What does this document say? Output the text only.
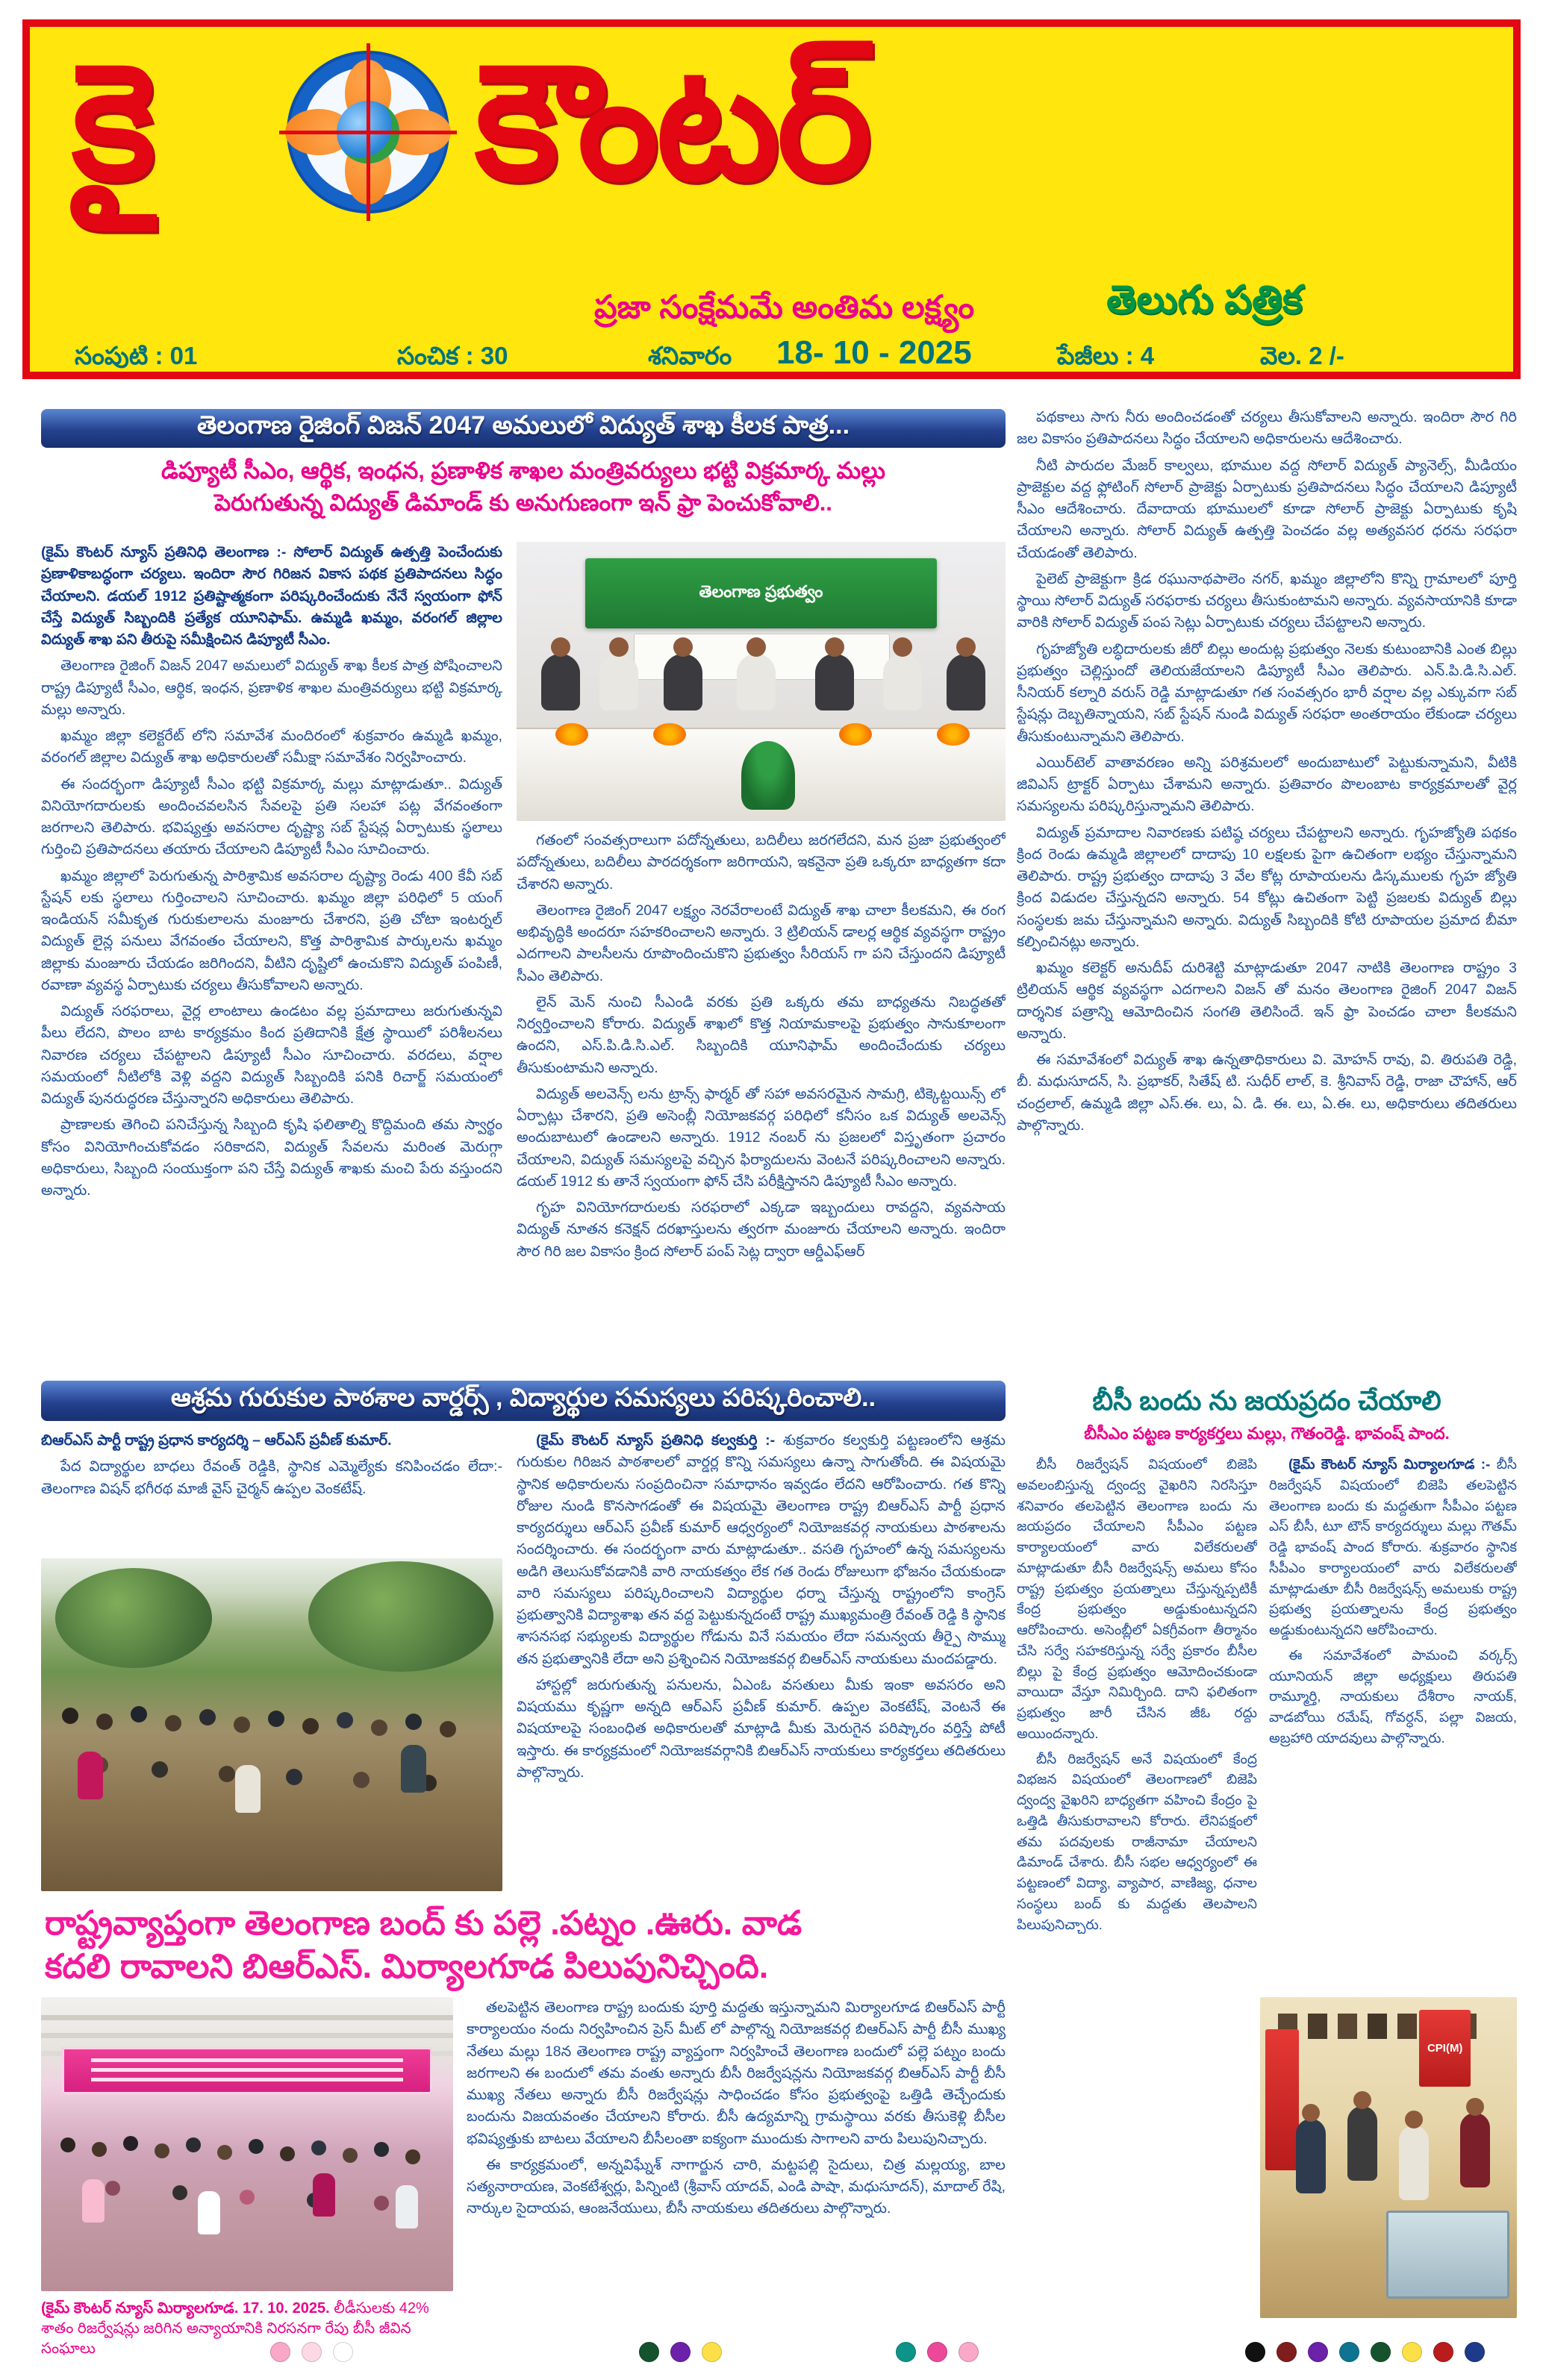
కై కౌంటర్
ప్రజా సంక్షేమమే అంతిమ లక్ష్యం	తెలుగు పత్రిక
సంపుటి : 01	సంచిక : 30	శనివారం 18- 10 - 2025	పేజీలు : 4	వెల. 2 /-
తెలంగాణ రైజింగ్ విజన్ 2047 అమలులో విద్యుత్ శాఖ కీలక పాత్ర...
డిప్యూటీ సీఎం, ఆర్థిక, ఇంధన, ప్రణాళిక శాఖల మంత్రివర్యులు భట్టి విక్రమార్క మల్లు
పెరుగుతున్న విద్యుత్ డిమాండ్ కు అనుగుణంగా ఇన్ ఫ్రా పెంచుకోవాలి..

(కైమ్ కౌంటర్ న్యూస్ ప్రతినిధి తెలంగాణ :- సోలార్ విద్యుత్ ఉత్పత్తి పెంచేందుకు ప్రణాళికాబద్ధంగా చర్యలు. ఇందిరా సౌర గిరిజన వికాస పథక ప్రతిపాదనలు సిద్ధం చేయాలని. డయల్ 1912 ప్రతిష్టాత్మకంగా పరిష్కరించేందుకు నేనే స్వయంగా ఫోన్ చేస్తే విద్యుత్ సిబ్బందికి ప్రత్యేక యూనిఫామ్. ఉమ్మడి ఖమ్మం, వరంగల్ జిల్లాల విద్యుత్ శాఖ పని తీరుపై సమీక్షించిన డిప్యూటీ సీఎం.

తెలంగాణ రైజింగ్ విజన్ 2047 అమలులో విద్యుత్ శాఖ కీలక పాత్ర పోషించాలని రాష్ట్ర డిప్యూటీ సీఎం, ఆర్థిక, ఇంధన, ప్రణాళిక శాఖల మంత్రివర్యులు భట్టి విక్రమార్క మల్లు అన్నారు.

ఖమ్మం జిల్లా కలెక్టరేట్ లోని సమావేశ మందిరంలో శుక్రవారం ఉమ్మడి ఖమ్మం, వరంగల్ జిల్లాల విద్యుత్ శాఖ అధికారులతో సమీక్షా సమావేశం నిర్వహించారు.

ఈ సందర్భంగా డిప్యూటీ సీఎం భట్టి విక్రమార్క మల్లు మాట్లాడుతూ.. విద్యుత్ వినియోగదారులకు అందించవలసిన సేవలపై ప్రతి సలహా పట్ల వేగవంతంగా జరగాలని తెలిపారు. భవిష్యత్తు అవసరాల దృష్ట్యా సబ్ స్టేషన్ల ఏర్పాటుకు స్థలాలు గుర్తించి ప్రతిపాదనలు తయారు చేయాలని డిప్యూటీ సీఎం సూచించారు.

ఖమ్మం జిల్లాలో పెరుగుతున్న పారిశ్రామిక అవసరాల దృష్ట్యా రెండు 400 కేవీ సబ్ స్టేషన్ లకు స్థలాలు గుర్తించాలని సూచించారు. ఖమ్మం జిల్లా పరిధిలో 5 యంగ్ ఇండియన్ సమీకృత గురుకులాలను మంజూరు చేశారని, ప్రతి చోటా ఇంటర్నల్ విద్యుత్ లైన్ల పనులు వేగవంతం చేయాలని, కొత్త పారిశ్రామిక పార్కులను ఖమ్మం జిల్లాకు మంజూరు చేయడం జరిగిందని, వీటిని దృష్టిలో ఉంచుకొని విద్యుత్ పంపిణీ, రవాణా వ్యవస్థ ఏర్పాటుకు చర్యలు తీసుకోవాలని అన్నారు.

విద్యుత్ సరఫరాలు, వైర్ల లాంటాలు ఉండటం వల్ల ప్రమాదాలు జరుగుతున్నవి పీలు లేదని, పొలం బాట కార్యక్రమం కింద ప్రతిదానికి క్షేత్ర స్థాయిలో పరిశీలనలు నివారణ చర్యలు చేపట్టాలని డిప్యూటీ సీఎం సూచించారు. వరదలు, వర్షాల సమయంలో నీటిలోకి వెళ్లి వద్దని విద్యుత్ సిబ్బందికి పనికి రిచార్జ్ సమయంలో విద్యుత్ పునరుద్ధరణ చేస్తున్నారని అధికారులు తెలిపారు.

ప్రాణాలకు తెగించి పనిచేస్తున్న సిబ్బంది కృషి ఫలితాల్ని కొద్దిమంది తమ స్వార్థం కోసం వినియోగించుకోవడం సరికాదని, విద్యుత్ సేవలను మరింత మెరుగ్గా అధికారులు, సిబ్బంది సంయుక్తంగా పని చేస్తే విద్యుత్ శాఖకు మంచి పేరు వస్తుందని అన్నారు.

తెలంగాణ ప్రభుత్వం

గతంలో సంవత్సరాలుగా పదోన్నతులు, బదిలీలు జరగలేదని, మన ప్రజా ప్రభుత్వంలో పదోన్నతులు, బదిలీలు పారదర్శకంగా జరిగాయని, ఇకనైనా ప్రతి ఒక్కరూ బాధ్యతగా కదా చేశారని అన్నారు.

తెలంగాణ రైజింగ్ 2047 లక్ష్యం నెరవేరాలంటే విద్యుత్ శాఖ చాలా కీలకమని, ఈ రంగ అభివృద్ధికి అందరూ సహకరించాలని అన్నారు. 3 ట్రిలియన్ డాలర్ల ఆర్థిక వ్యవస్థగా రాష్ట్రం ఎదగాలని పాలసీలను రూపొందించుకొని ప్రభుత్వం సీరియస్ గా పని చేస్తుందని డిప్యూటీ సీఎం తెలిపారు.

లైన్ మెన్ నుంచి సీఎండి వరకు ప్రతి ఒక్కరు తమ బాధ్యతను నిబద్ధతతో నిర్వర్తించాలని కోరారు. విద్యుత్ శాఖలో కొత్త నియామకాలపై ప్రభుత్వం సానుకూలంగా ఉందని, ఎస్.పి.డి.సి.ఎల్. సిబ్బందికి యూనిఫామ్ అందించేందుకు చర్యలు తీసుకుంటామని అన్నారు.

విద్యుత్ అలవెన్స్ లను ట్రాన్స్ ఫార్మర్ తో సహా అవసరమైన సామగ్రి, టిక్కెట్టయిన్స్ లో ఏర్పాట్లు చేశారని, ప్రతి అసెంబ్లీ నియోజకవర్గ పరిధిలో కనీసం ఒక విద్యుత్ అలవెన్స్ అందుబాటులో ఉండాలని అన్నారు. 1912 నంబర్ ను ప్రజలలో విస్తృతంగా ప్రచారం చేయాలని, విద్యుత్ సమస్యలపై వచ్చిన ఫిర్యాదులను వెంటనే పరిష్కరించాలని అన్నారు. డయల్ 1912 కు తానే స్వయంగా ఫోన్ చేసి పరీక్షిస్తానని డిప్యూటీ సీఎం అన్నారు.

గృహ వినియోగదారులకు సరఫరాలో ఎక్కడా ఇబ్బందులు రావద్దని, వ్యవసాయ విద్యుత్ నూతన కనెక్షన్ దరఖాస్తులను త్వరగా మంజూరు చేయాలని అన్నారు. ఇందిరా సౌర గిరి జల వికాసం క్రింద సోలార్ పంప్ సెట్ల ద్వారా ఆర్డీఎఫ్ఆర్

పథకాలు సాగు నీరు అందించడంతో చర్యలు తీసుకోవాలని అన్నారు. ఇందిరా సౌర గిరి జల వికాసం ప్రతిపాదనలు సిద్ధం చేయాలని అధికారులను ఆదేశించారు.

నీటి పారుదల మేజర్ కాల్వలు, భూముల వద్ద సోలార్ విద్యుత్ ప్యానెల్స్, మీడియం ప్రాజెక్టుల వద్ద ఫ్లోటింగ్ సోలార్ ప్రాజెక్టు ఏర్పాటుకు ప్రతిపాదనలు సిద్ధం చేయాలని డిప్యూటీ సీఎం ఆదేశించారు. దేవాదాయ భూములలో కూడా సోలార్ ప్రాజెక్టు ఏర్పాటుకు కృషి చేయాలని అన్నారు. సోలార్ విద్యుత్ ఉత్పత్తి పెంచడం వల్ల అత్యవసర ధరను సరఫరా చేయడంతో తెలిపారు.

పైలెట్ ప్రాజెక్టుగా క్రిడ రఘునాథపాలెం నగర్, ఖమ్మం జిల్లాలోని కొన్ని గ్రామాలలో పూర్తి స్థాయి సోలార్ విద్యుత్ సరఫరాకు చర్యలు తీసుకుంటామని అన్నారు. వ్యవసాయానికి కూడా వారికి సోలార్ విద్యుత్ పంప సెట్లు ఏర్పాటుకు చర్యలు చేపట్టాలని అన్నారు.

గృహజ్యోతి లబ్ధిదారులకు జీరో బిల్లు అందుట్ల ప్రభుత్వం నెలకు కుటుంబానికి ఎంత బిల్లు ప్రభుత్వం చెల్లిస్తుందో తెలియజేయాలని డిప్యూటీ సీఎం తెలిపారు. ఎన్.పి.డి.సి.ఎల్. సీనియర్ కల్నారి వరుస్ రెడ్డి మాట్లాడుతూ గత సంవత్సరం భారీ వర్షాల వల్ల ఎక్కువగా సబ్ స్టేషన్లు దెబ్బతిన్నాయని, సబ్ స్టేషన్ నుండి విద్యుత్ సరఫరా అంతరాయం లేకుండా చర్యలు తీసుకుంటున్నామని తెలిపారు.

ఎయిర్‌టెల్ వాతావరణం అన్ని పరిశ్రమలలో అందుబాటులో పెట్టుకున్నామని, వీటికి జివిఎస్ ట్రాక్టర్ ఏర్పాటు చేశామని అన్నారు. ప్రతివారం పొలంబాట కార్యక్రమాలతో వైర్ల సమస్యలను పరిష్కరిస్తున్నామని తెలిపారు.

విద్యుత్ ప్రమాదాల నివారణకు పటిష్ఠ చర్యలు చేపట్టాలని అన్నారు. గృహజ్యోతి పథకం క్రింద రెండు ఉమ్మడి జిల్లాలలో దాదాపు 10 లక్షలకు పైగా ఉచితంగా లభ్యం చేస్తున్నామని తెలిపారు. రాష్ట్ర ప్రభుత్వం దాదాపు 3 వేల కోట్ల రూపాయలను డిస్కములకు గృహ జ్యోతి క్రింద విడుదల చేస్తున్నదని అన్నారు. 54 కోట్లు ఉచితంగా పెట్టి ప్రజలకు విద్యుత్ బిల్లు సంస్థలకు జమ చేస్తున్నామని అన్నారు. విద్యుత్ సిబ్బందికి కోటి రూపాయల ప్రమాద బీమా కల్పించినట్లు అన్నారు.

ఖమ్మం కలెక్టర్ అనుదీప్ దురిశెట్టి మాట్లాడుతూ 2047 నాటికి తెలంగాణ రాష్ట్రం 3 ట్రిలియన్ ఆర్థిక వ్యవస్థగా ఎదగాలని విజన్ తో మనం తెలంగాణ రైజింగ్ 2047 విజన్ దార్శనిక పత్రాన్ని ఆమోదించిన సంగతి తెలిసిందే. ఇన్ ఫ్రా పెంచడం చాలా కీలకమని అన్నారు.

ఈ సమావేశంలో విద్యుత్ శాఖ ఉన్నతాధికారులు వి. మోహన్ రావు, వి. తిరుపతి రెడ్డి, బీ. మధుసూదన్, సి. ప్రభాకర్, సితేష్ టి. సుధీర్ లాల్, కె. శ్రీనివాస్ రెడ్డి, రాజా చౌహాన్, ఆర్ చంద్రలాల్, ఉమ్మడి జిల్లా ఎస్.ఈ. లు, ఏ. డి. ఈ. లు, ఏ.ఈ. లు, అధికారులు తదితరులు పాల్గొన్నారు.

ఆశ్రమ గురుకుల పాఠశాల వార్డర్స్ , విద్యార్థుల సమస్యలు పరిష్కరించాలి..

బిఆర్ఎస్ పార్టీ రాష్ట్ర ప్రధాన కార్యదర్శి – ఆర్ఎస్ ప్రవీణ్ కుమార్.

పేద విద్యార్థుల బాధలు రేవంత్ రెడ్డికి, స్థానిక ఎమ్మెల్యేకు కనిపించడం లేదా:- తెలంగాణ విషన్ భగీరథ మాజీ వైస్ చైర్మన్ ఉప్పల వెంకటేష్.

(కైమ్ కౌంటర్ న్యూస్ ప్రతినిధి కల్వకుర్తి :- శుక్రవారం కల్వకుర్తి పట్టణంలోని ఆశ్రమ గురుకుల గిరిజన పాఠశాలలో వార్డర్ల కొన్ని సమస్యలు ఉన్నా సాగుతోంది. ఈ విషయమై స్థానిక అధికారులను సంప్రదించినా సమాధానం ఇవ్వడం లేదని ఆరోపించారు. గత కొన్ని రోజుల నుండి కొనసాగడంతో ఈ విషయమై తెలంగాణ రాష్ట్ర బిఆర్ఎస్ పార్టీ ప్రధాన కార్యదర్శులు ఆర్ఎస్ ప్రవీణ్ కుమార్ ఆధ్వర్యంలో నియోజకవర్గ నాయకులు పాఠశాలను సందర్శించారు. ఈ సందర్భంగా వారు మాట్లాడుతూ.. వసతి గృహంలో ఉన్న సమస్యలను అడిగి తెలుసుకోవడానికి వారి నాయకత్వం లేక గత రెండు రోజులుగా భోజనం చేయకుండా వారి సమస్యలు పరిష్కరించాలని విద్యార్థుల ధర్నా చేస్తున్న రాష్ట్రంలోని కాంగ్రెస్ ప్రభుత్వానికి విద్యాశాఖ తన వద్ద పెట్టుకున్నదంటే రాష్ట్ర ముఖ్యమంత్రి రేవంత్ రెడ్డి కి స్థానిక శాసనసభ సభ్యులకు విద్యార్థుల గోడును వినే సమయం లేదా సమన్వయ తీర్పై సొమ్ము తన ప్రభుత్వానికి లేదా అని ప్రశ్నించిన నియోజకవర్గ బిఆర్ఎస్ నాయకులు మందపడ్డారు.

హాస్టల్లో జరుగుతున్న పనులను, ఏఎంఓ వసతులు మీకు ఇంకా అవసరం అని విషయము కృష్ణగా అన్నది ఆర్ఎస్ ప్రవీణ్ కుమార్. ఉప్పల వెంకటేష్, వెంటనే ఈ విషయాలపై సంబంధిత అధికారులతో మాట్లాడి మీకు మెరుగైన పరిష్కారం వర్తిస్తే పోటీ ఇస్తారు. ఈ కార్యక్రమంలో నియోజకవర్గానికి బిఆర్ఎస్ నాయకులు కార్యకర్తలు తదితరులు పాల్గొన్నారు.

రాష్ట్రవ్యాప్తంగా తెలంగాణ బంద్ కు పల్లె .పట్నం .ఊరు. వాడ
కదలి రావాలని బిఆర్ఎస్. మిర్యాలగూడ పిలుపునిచ్చింది.
(కైమ్ కౌంటర్ న్యూస్ మిర్యాలగూడ. 17. 10. 2025. లీడీసులకు 42% శాతం రిజర్వేషన్లు జరిగిన అన్యాయానికి నిరసనగా రేపు బీసీ జీవిన సంఘాలు

తలపెట్టిన తెలంగాణ రాష్ట్ర బందుకు పూర్తి మద్దతు ఇస్తున్నామని మిర్యాలగూడ బిఆర్ఎస్ పార్టీ కార్యాలయం నందు నిర్వహించిన ప్రెస్ మీట్ లో పాల్గొన్న నియోజకవర్గ బిఆర్ఎస్ పార్టీ బీసీ ముఖ్య నేతలు మల్లు 18న తెలంగాణ రాష్ట్ర వ్యాప్తంగా నిర్వహించే తెలంగాణ బందులో పల్లె పట్నం బందు జరగాలని ఈ బందులో తమ వంతు అన్నారు బీసీ రిజర్వేషన్లను నియోజకవర్గ బిఆర్ఎస్ పార్టీ బీసీ ముఖ్య నేతలు అన్నారు బీసీ రిజర్వేషన్లు సాధించడం కోసం ప్రభుత్వంపై ఒత్తిడి తెచ్చేందుకు బందును విజయవంతం చేయాలని కోరారు. బీసీ ఉద్యమాన్ని గ్రామస్థాయి వరకు తీసుకెళ్లి బీసీల భవిష్యత్తుకు బాటలు వేయాలని బీసీలంతా ఐక్యంగా ముందుకు సాగాలని వారు పిలుపునిచ్చారు.

ఈ కార్యక్రమంలో, అన్నవిఘ్నేశ్ నాగార్జున చారి, మట్టపల్లి సైదులు, చిత్ర మల్లయ్య, బాల సత్యనారాయణ, వెంకటేశ్వర్లు, పిన్నింటి (శ్రీవాస్ యాదవ్, ఎండి పాషా, మధుసూదన్), మాదాల్ రేషి, నార్కుల సైదాయప, ఆంజనేయులు, బీసీ నాయకులు తదితరులు పాల్గొన్నారు.

బీసీ బందు ను జయప్రదం చేయాలి
బీసీఎం పట్టణ కార్యకర్తలు మల్లు, గౌతంరెడ్డి. భావంష్ పాంద.

బీసీ రిజర్వేషన్ విషయంలో బిజెపి అవలంబిస్తున్న ద్వంద్వ వైఖరిని నిరసిస్తూ శనివారం తలపెట్టిన తెలంగాణ బందు ను జయప్రదం చేయాలని సీపీఎం పట్టణ కార్యాలయంలో వారు విలేకరులతో మాట్లాడుతూ బీసీ రిజర్వేషన్స్ అమలు కోసం రాష్ట్ర ప్రభుత్వం ప్రయత్నాలు చేస్తున్నప్పటికీ కేంద్ర ప్రభుత్వం అడ్డుకుంటున్నదని ఆరోపించారు. అసెంబ్లీలో ఏకగ్రీవంగా తీర్మానం చేసి సర్వే సహకరిస్తున్న సర్వే ప్రకారం బీసీల బిల్లు పై కేంద్ర ప్రభుత్వం ఆమోదించకుండా వాయిదా వేస్తూ నిమిర్చింది. దాని ఫలితంగా ప్రభుత్వం జారీ చేసిన జీఓ రద్దు అయిందన్నారు.

బీసీ రిజర్వేషన్ అనే విషయంలో కేంద్ర విభజన విషయంలో తెలంగాణలో బిజెపి ద్వంద్వ వైఖరిని బాధ్యతగా వహించి కేంద్రం పై ఒత్తిడి తీసుకురావాలని కోరారు. లేనిపక్షంలో తమ పదవులకు రాజీనామా చేయాలని డిమాండ్ చేశారు. బీసీ సభల ఆధ్వర్యంలో ఈ పట్టణంలో విద్యా, వ్యాపార, వాణిజ్య, ధనాల సంస్థలు బంద్ కు మద్దతు తెలపాలని పిలుపునిచ్చారు.

(కైమ్ కౌంటర్ న్యూస్ మిర్యాలగూడ :- బీసీ రిజర్వేషన్ విషయంలో బిజెపి తలపెట్టిన తెలంగాణ బందు కు మద్దతుగా సీపీఎం పట్టణ ఎస్ బీసీ, టూ టౌన్ కార్యదర్శులు మల్లు గౌతమ్ రెడ్డి భావంష్ పాంద కోరారు. శుక్రవారం స్థానిక సీపీఎం కార్యాలయంలో వారు విలేకరులతో మాట్లాడుతూ బీసీ రిజర్వేషన్స్ అమలుకు రాష్ట్ర ప్రభుత్వ ప్రయత్నాలను కేంద్ర ప్రభుత్వం అడ్డుకుంటున్నదని ఆరోపించారు.

ఈ సమావేశంలో పామంచి వర్కర్స్ యూనియన్ జిల్లా అధ్యక్షులు తిరుపతి రామ్మూర్తి, నాయకులు దేశీరాం నాయక్, వాడబోయి రమేష్, గోవర్ధన్, పల్లా విజయ, అబ్రహారి యాదవులు పాల్గొన్నారు.

CPI(M)
